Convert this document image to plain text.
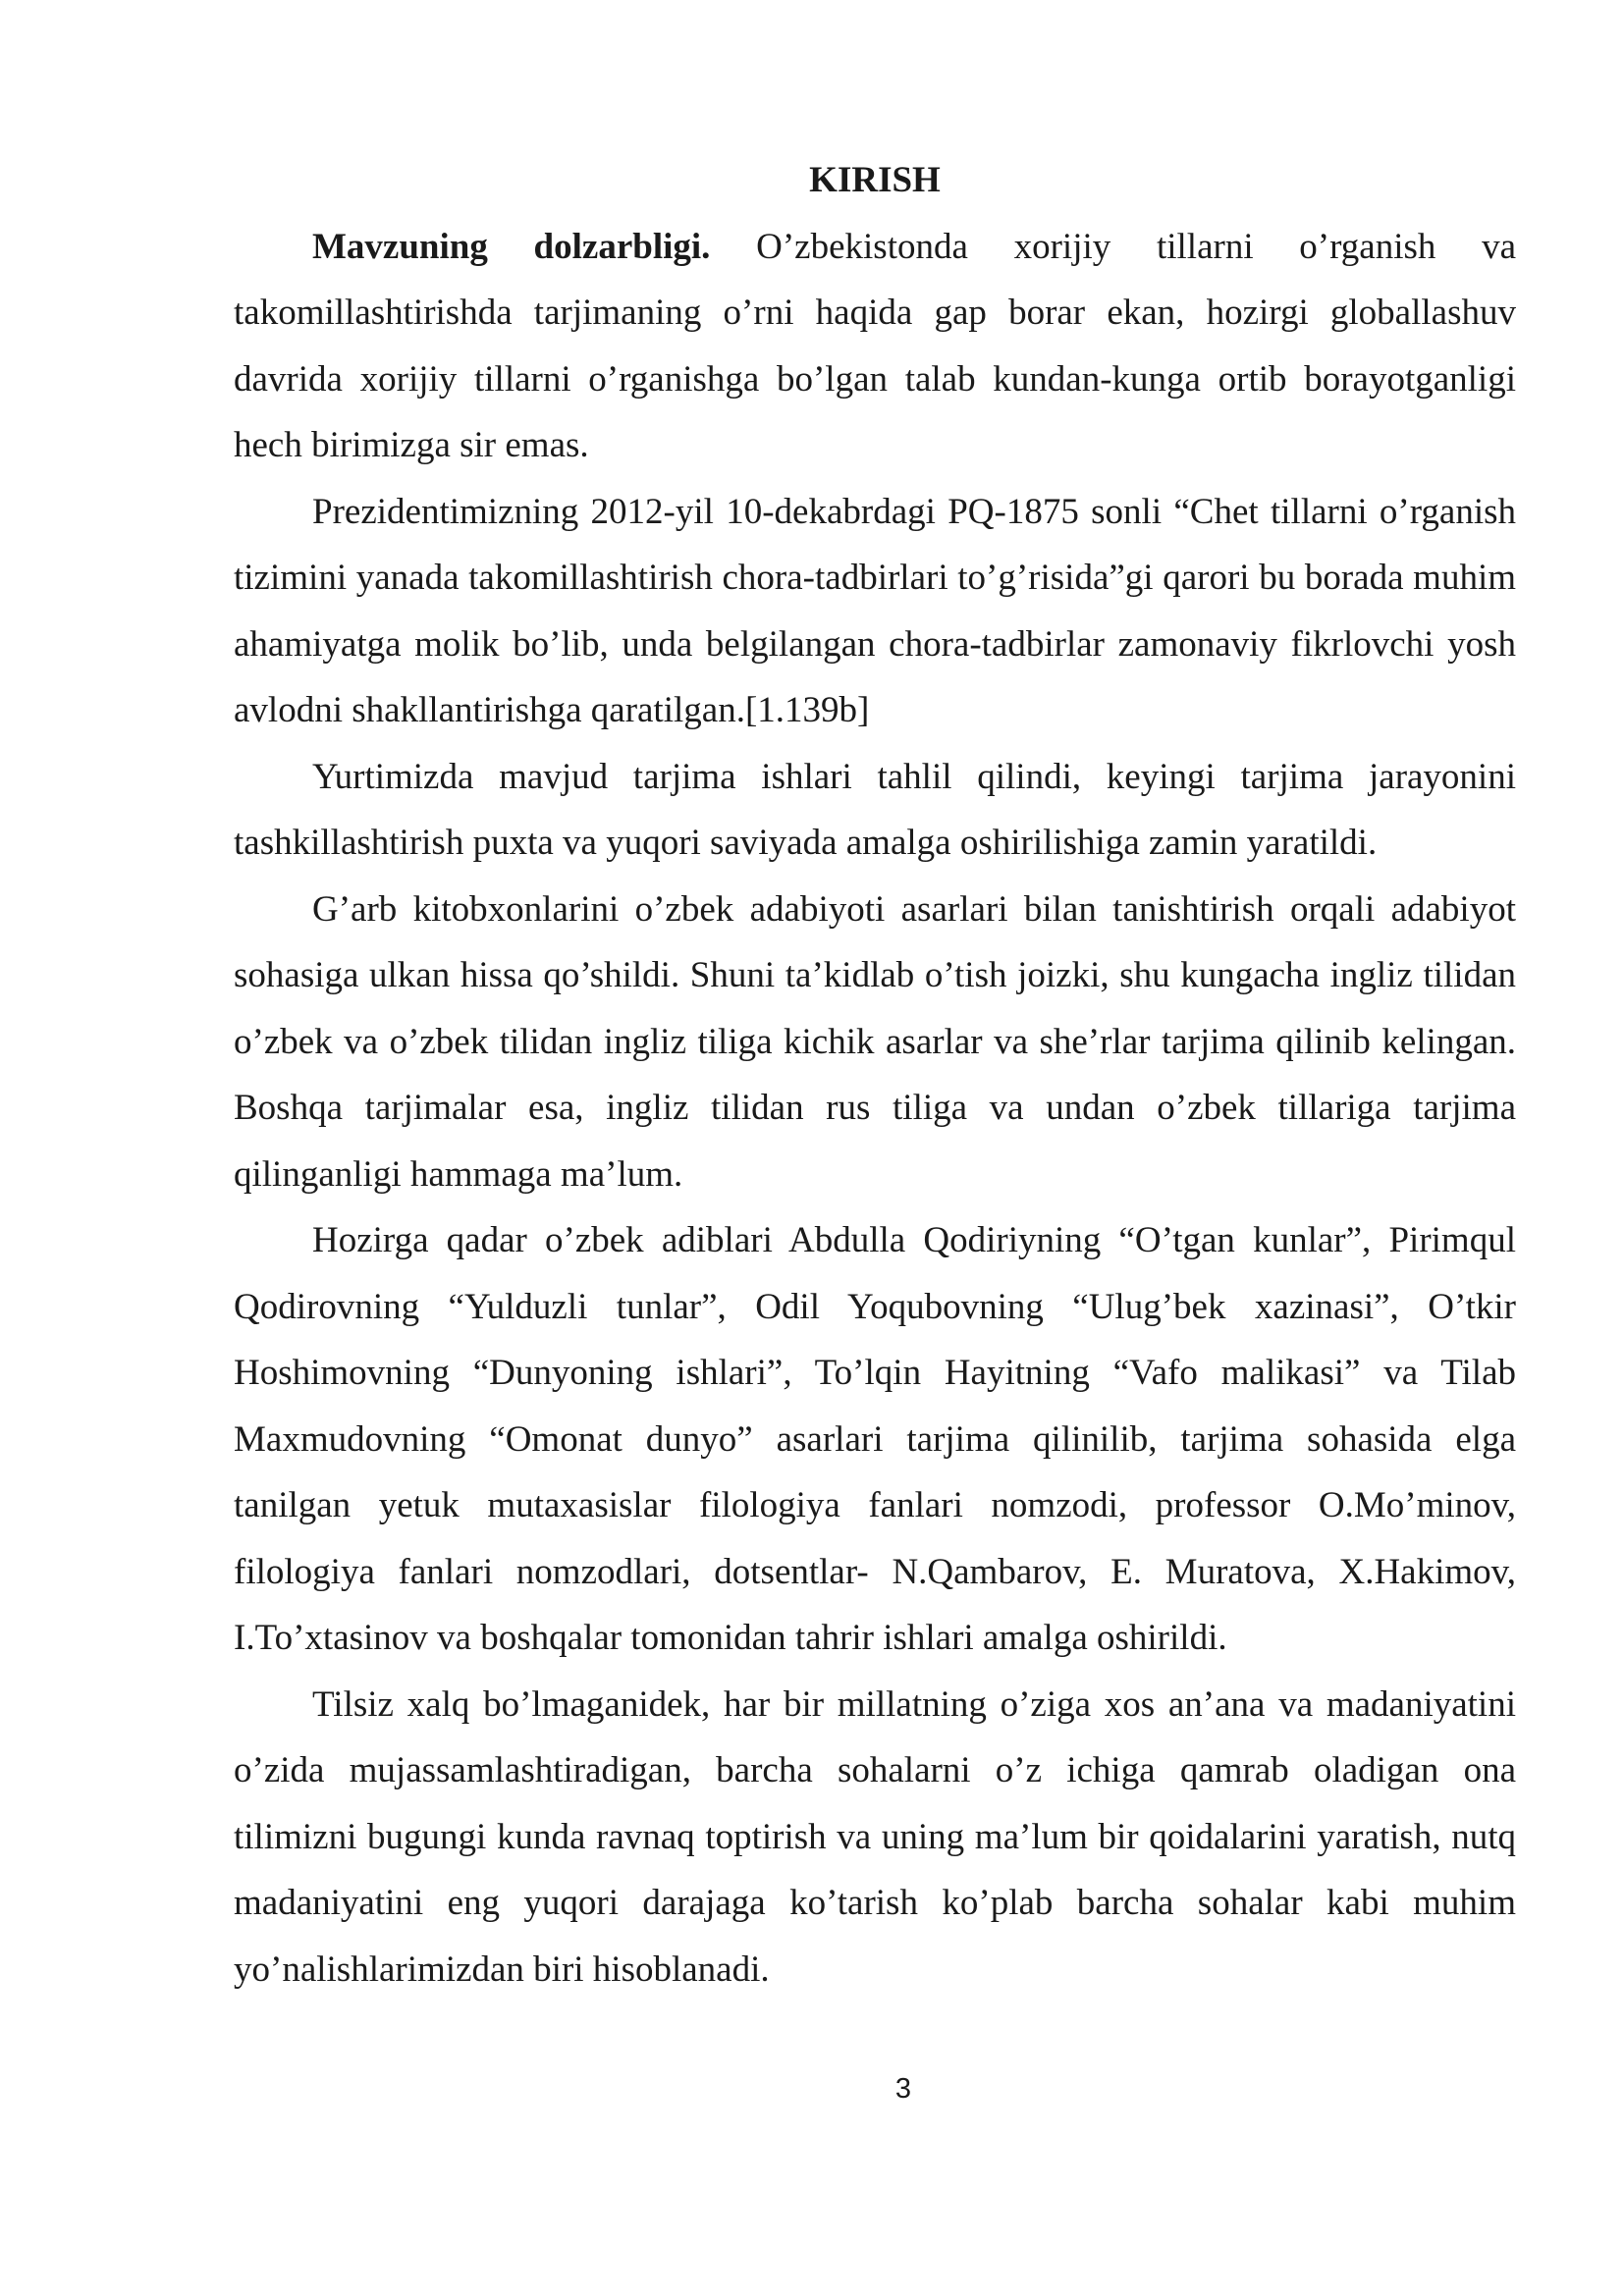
KIRISH

Mavzuning dolzarbligi. O’zbekistonda xorijiy tillarni o’rganish va takomillashtirishda tarjimaning o’rni haqida gap borar ekan, hozirgi globallashuv davrida xorijiy tillarni o’rganishga bo’lgan talab kundan-kunga ortib borayotganligi hech birimizga sir emas.

Prezidentimizning 2012-yil 10-dekabrdagi PQ-1875 sonli “Chet tillarni o’rganish tizimini yanada takomillashtirish chora-tadbirlari to’g’risida”gi qarori bu borada muhim ahamiyatga molik bo’lib, unda belgilangan chora-tadbirlar zamonaviy fikrlovchi yosh avlodni shakllantirishga qaratilgan.[1.139b]

Yurtimizda mavjud tarjima ishlari tahlil qilindi, keyingi tarjima jarayonini tashkillashtirish puxta va yuqori saviyada amalga oshirilishiga zamin yaratildi.

G’arb kitobxonlarini o’zbek adabiyoti asarlari bilan tanishtirish orqali adabiyot sohasiga ulkan hissa qo’shildi. Shuni ta’kidlab o’tish joizki, shu kungacha ingliz tilidan o’zbek va o’zbek tilidan ingliz tiliga kichik asarlar va she’rlar tarjima qilinib kelingan. Boshqa tarjimalar esa, ingliz tilidan rus tiliga va undan o’zbek tillariga tarjima qilinganligi hammaga ma’lum.

Hozirga qadar o’zbek adiblari Abdulla Qodiriyning “O’tgan kunlar”, Pirimqul Qodirovning “Yulduzli tunlar”, Odil Yoqubovning “Ulug’bek xazinasi”, O’tkir Hoshimovning “Dunyoning ishlari”, To’lqin Hayitning “Vafo malikasi” va Tilab Maxmudovning “Omonat dunyo” asarlari tarjima qilinilib, tarjima sohasida elga tanilgan yetuk mutaxasislar filologiya fanlari nomzodi, professor O.Mo’minov, filologiya fanlari nomzodlari, dotsentlar- N.Qambarov, E. Muratova, X.Hakimov, I.To’xtasinov va boshqalar tomonidan tahrir ishlari amalga oshirildi.

Tilsiz xalq bo’lmaganidek, har bir millatning o’ziga xos an’ana va madaniyatini o’zida mujassamlashtiradigan, barcha sohalarni o’z ichiga qamrab oladigan ona tilimizni bugungi kunda ravnaq toptirish va uning ma’lum bir qoidalarini yaratish, nutq madaniyatini eng yuqori darajaga ko’tarish ko’plab barcha sohalar kabi muhim yo’nalishlarimizdan biri hisoblanadi.

3
